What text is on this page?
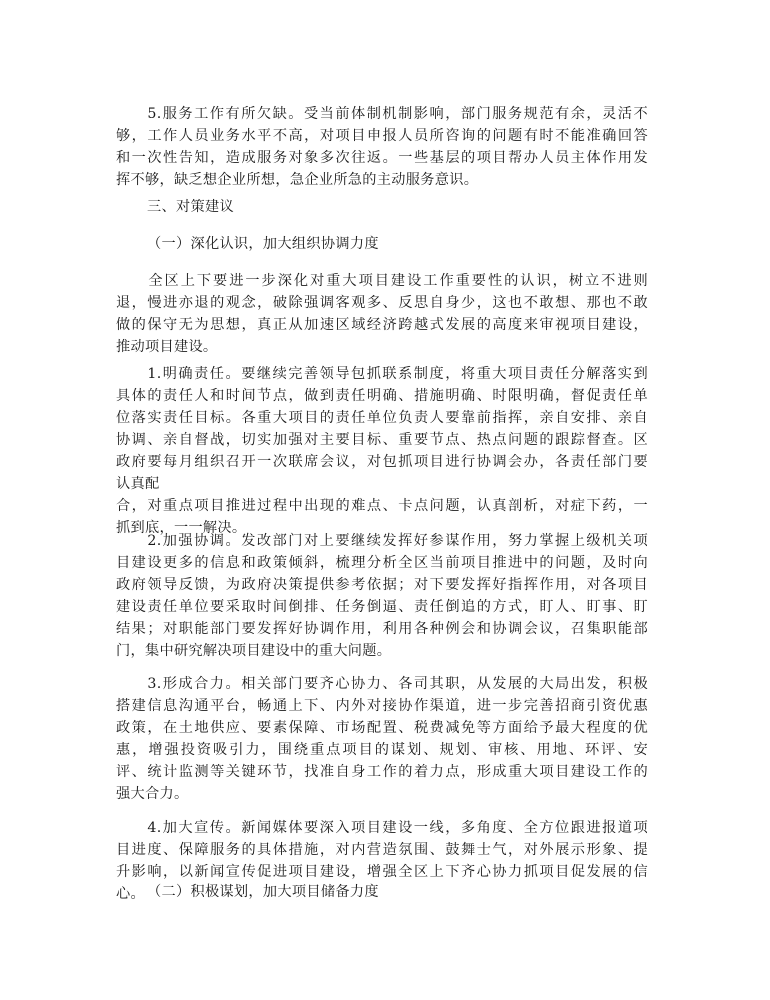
　　5.服务工作有所欠缺。受当前体制机制影响，部门服务规范有余，灵活不
够，工作人员业务水平不高，对项目申报人员所咨询的问题有时不能准确回答
和一次性告知，造成服务对象多次往返。一些基层的项目帮办人员主体作用发
挥不够，缺乏想企业所想，急企业所急的主动服务意识。

三、对策建议

（一）深化认识，加大组织协调力度

　　全区上下要进一步深化对重大项目建设工作重要性的认识，树立不进则
退，慢进亦退的观念，破除强调客观多、反思自身少，这也不敢想、那也不敢
做的保守无为思想，真正从加速区域经济跨越式发展的高度来审视项目建设，
推动项目建设。

　　1.明确责任。要继续完善领导包抓联系制度，将重大项目责任分解落实到
具体的责任人和时间节点，做到责任明确、措施明确、时限明确，督促责任单
位落实责任目标。各重大项目的责任单位负责人要靠前指挥，亲自安排、亲自
协调、亲自督战，切实加强对主要目标、重要节点、热点问题的跟踪督查。区
政府要每月组织召开一次联席会议，对包抓项目进行协调会办，各责任部门要
认真配
合，对重点项目推进过程中出现的难点、卡点问题，认真剖析，对症下药，一
抓到底，一一解决。

　　2.加强协调。发改部门对上要继续发挥好参谋作用，努力掌握上级机关项
目建设更多的信息和政策倾斜，梳理分析全区当前项目推进中的问题，及时向
政府领导反馈，为政府决策提供参考依据；对下要发挥好指挥作用，对各项目
建设责任单位要采取时间倒排、任务倒逼、责任倒追的方式，盯人、盯事、盯
结果；对职能部门要发挥好协调作用，利用各种例会和协调会议，召集职能部
门，集中研究解决项目建设中的重大问题。

　　3.形成合力。相关部门要齐心协力、各司其职，从发展的大局出发，积极
搭建信息沟通平台，畅通上下、内外对接协作渠道，进一步完善招商引资优惠
政策，在土地供应、要素保障、市场配置、税费减免等方面给予最大程度的优
惠，增强投资吸引力，围绕重点项目的谋划、规划、审核、用地、环评、安
评、统计监测等关键环节，找准自身工作的着力点，形成重大项目建设工作的
强大合力。

　　4.加大宣传。新闻媒体要深入项目建设一线，多角度、全方位跟进报道项
目进度、保障服务的具体措施，对内营造氛围、鼓舞士气，对外展示形象、提
升影响，以新闻宣传促进项目建设，增强全区上下齐心协力抓项目促发展的信
心。 （二）积极谋划，加大项目储备力度
